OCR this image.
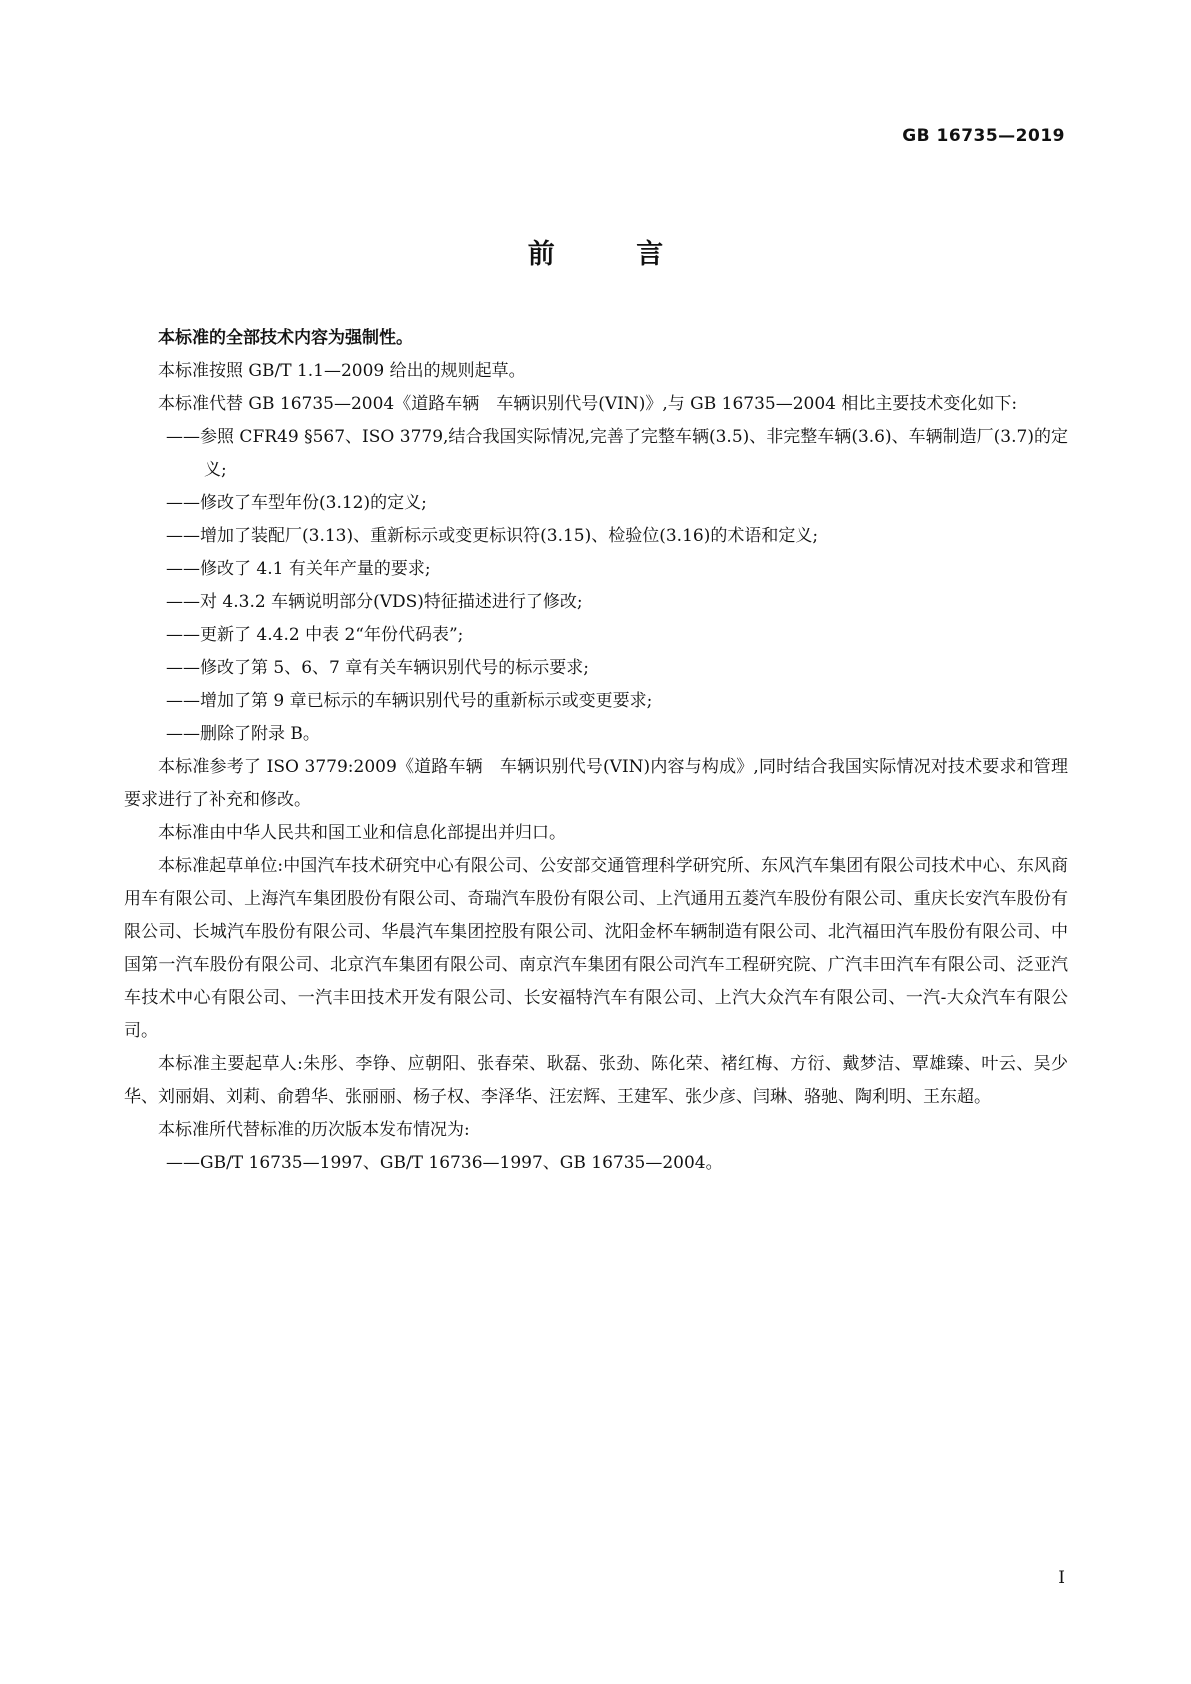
GB 16735—2019
前 言

本标准的全部技术内容为强制性。

本标准按照 GB/T 1.1—2009 给出的规则起草。

本标准代替 GB 16735—2004《道路车辆　车辆识别代号(VIN)》,与 GB 16735—2004 相比主要技术变化如下:

——参照 CFR49 §567、ISO 3779,结合我国实际情况,完善了完整车辆(3.5)、非完整车辆(3.6)、车辆制造厂(3.7)的定义;

——修改了车型年份(3.12)的定义;

——增加了装配厂(3.13)、重新标示或变更标识符(3.15)、检验位(3.16)的术语和定义;

——修改了 4.1 有关年产量的要求;

——对 4.3.2 车辆说明部分(VDS)特征描述进行了修改;

——更新了 4.4.2 中表 2“年份代码表”;

——修改了第 5、6、7 章有关车辆识别代号的标示要求;

——增加了第 9 章已标示的车辆识别代号的重新标示或变更要求;

——删除了附录 B。

本标准参考了 ISO 3779:2009《道路车辆　车辆识别代号(VIN)内容与构成》,同时结合我国实际情况对技术要求和管理要求进行了补充和修改。

本标准由中华人民共和国工业和信息化部提出并归口。

本标准起草单位:中国汽车技术研究中心有限公司、公安部交通管理科学研究所、东风汽车集团有限公司技术中心、东风商用车有限公司、上海汽车集团股份有限公司、奇瑞汽车股份有限公司、上汽通用五菱汽车股份有限公司、重庆长安汽车股份有限公司、长城汽车股份有限公司、华晨汽车集团控股有限公司、沈阳金杯车辆制造有限公司、北汽福田汽车股份有限公司、中国第一汽车股份有限公司、北京汽车集团有限公司、南京汽车集团有限公司汽车工程研究院、广汽丰田汽车有限公司、泛亚汽车技术中心有限公司、一汽丰田技术开发有限公司、长安福特汽车有限公司、上汽大众汽车有限公司、一汽-大众汽车有限公司。

本标准主要起草人:朱彤、李铮、应朝阳、张春荣、耿磊、张劲、陈化荣、褚红梅、方衍、戴梦洁、覃雄臻、叶云、吴少华、刘丽娟、刘莉、俞碧华、张丽丽、杨子权、李泽华、汪宏辉、王建军、张少彦、闫琳、骆驰、陶利明、王东超。

本标准所代替标准的历次版本发布情况为:

——GB/T 16735—1997、GB/T 16736—1997、GB 16735—2004。

I
